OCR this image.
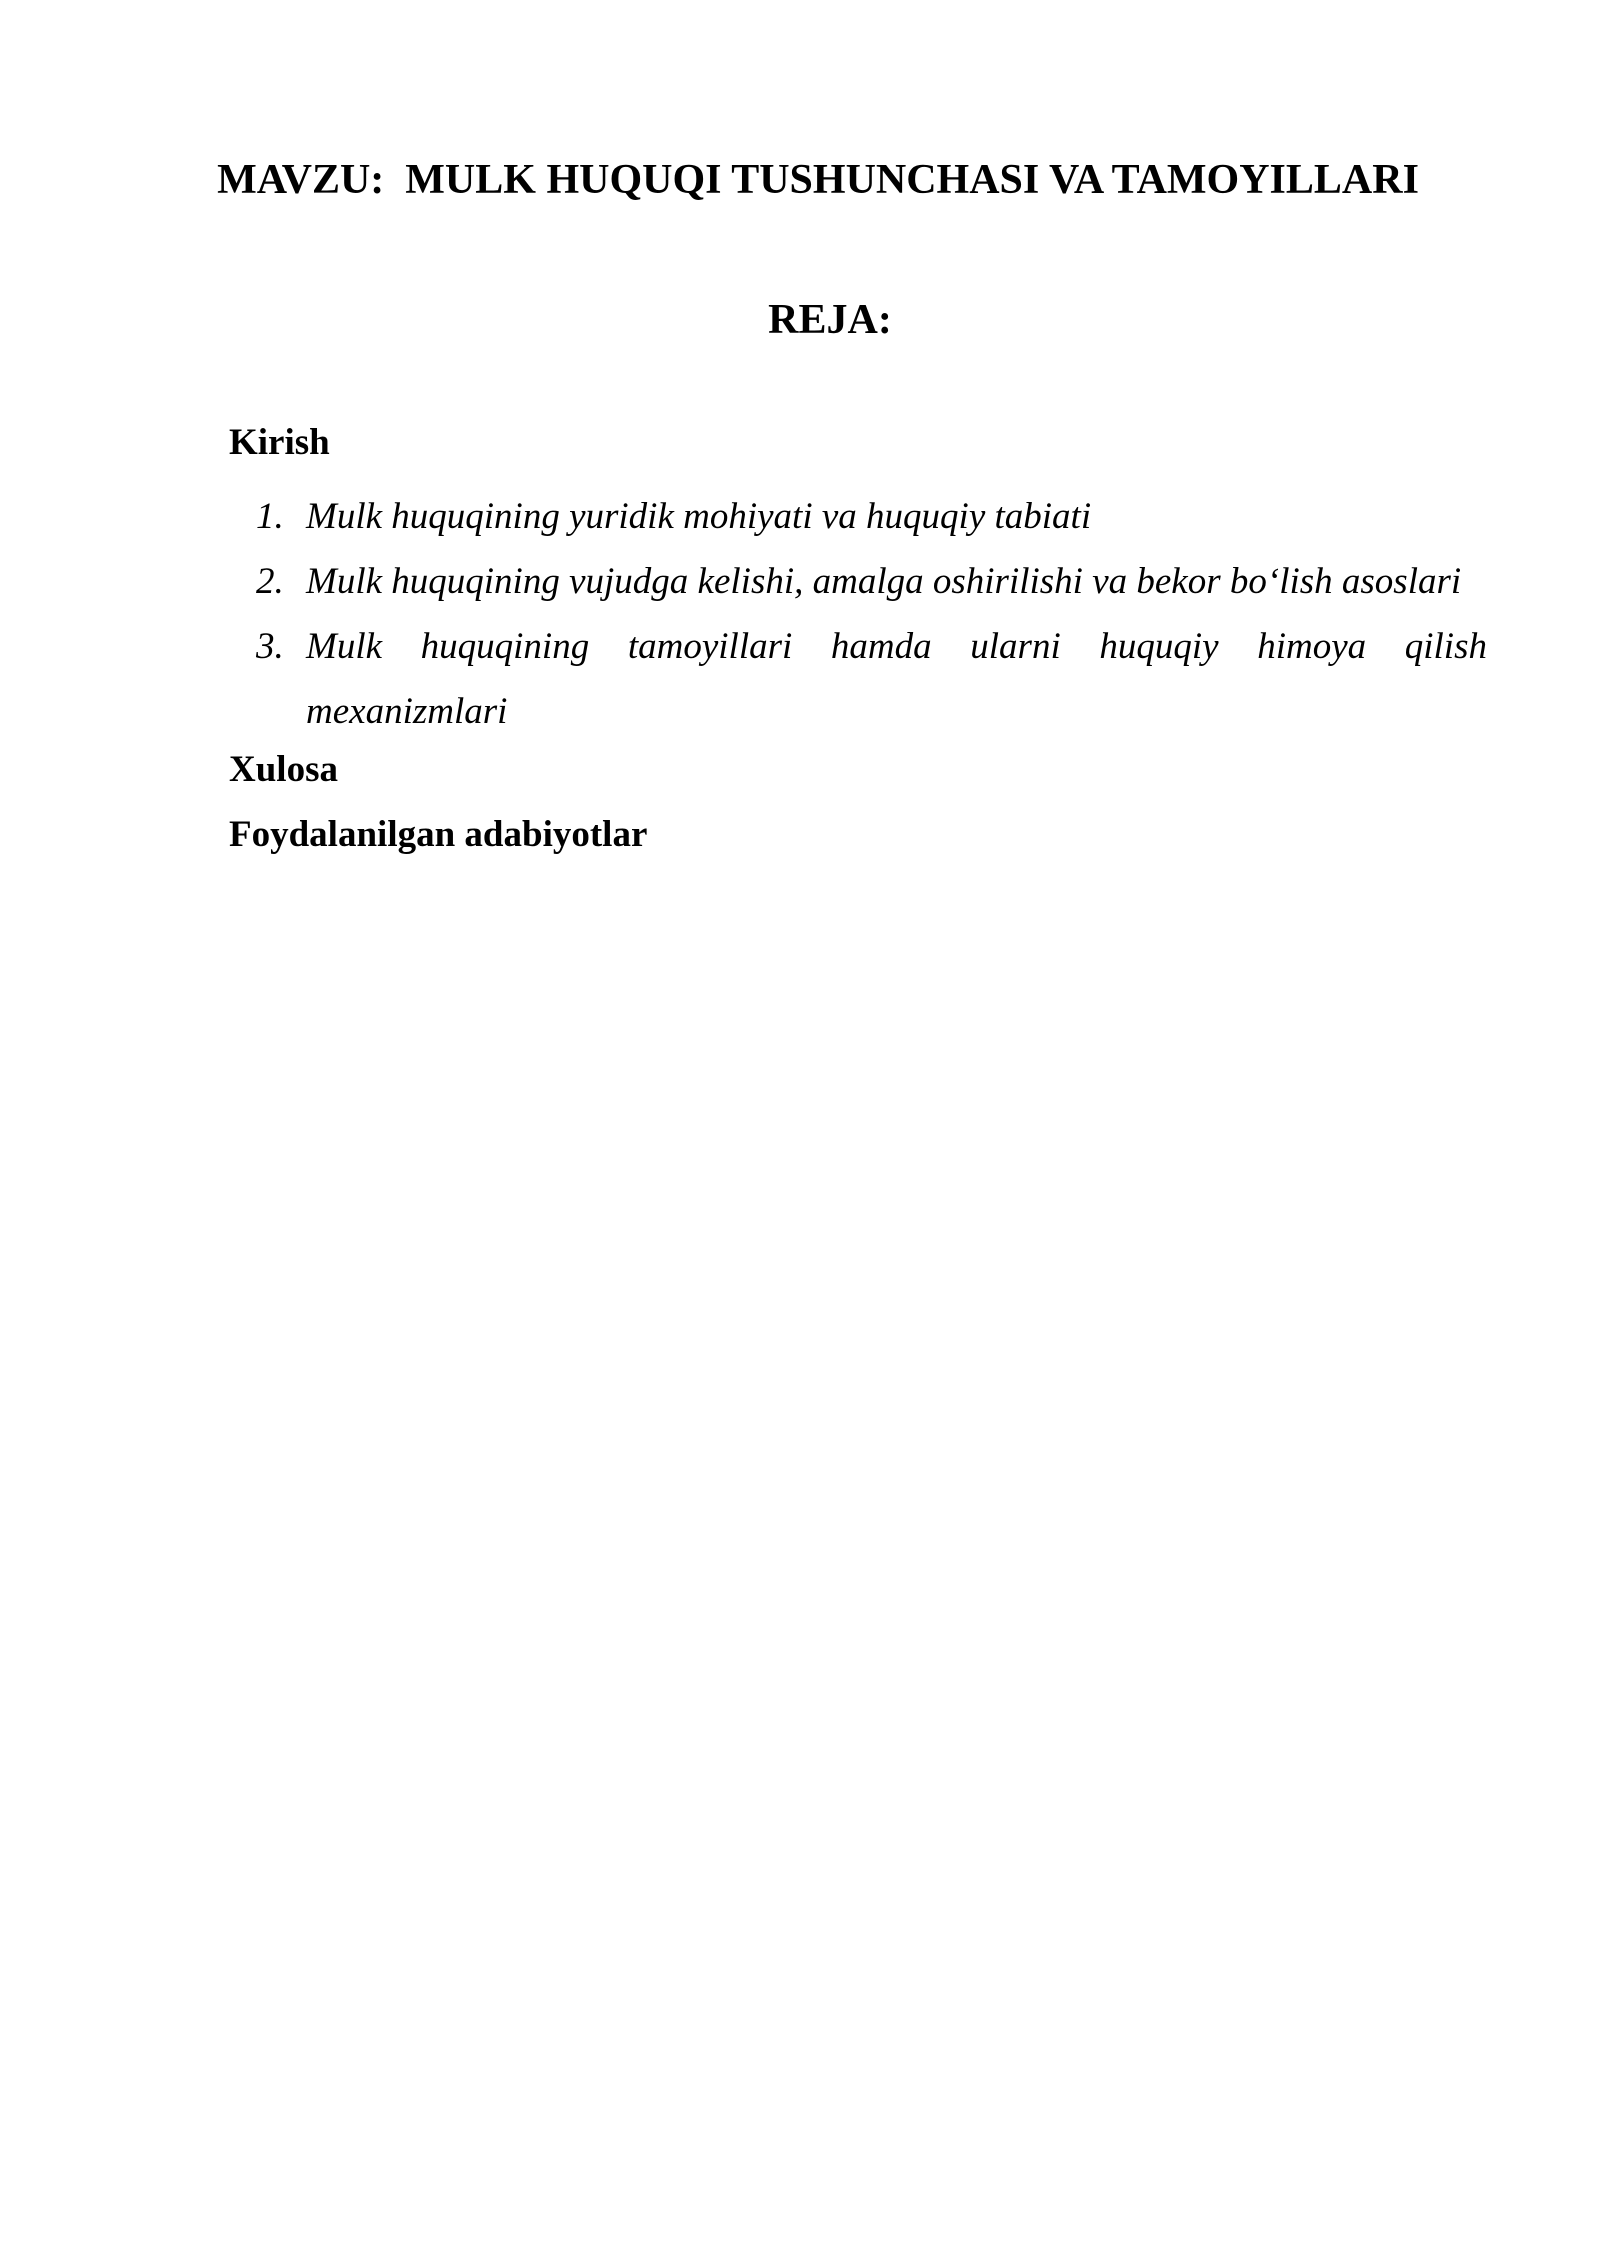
MAVZU:  MULK HUQUQI TUSHUNCHASI VA TAMOYILLARI
REJA:
Kirish
1. Mulk huquqining yuridik mohiyati va huquqiy tabiati
2. Mulk huquqining vujudga kelishi, amalga oshirilishi va bekor bo‘lish asoslari
3. Mulk huquqining tamoyillari hamda ularni huquqiy himoya qilish mexanizmlari
Xulosa
Foydalanilgan adabiyotlar
